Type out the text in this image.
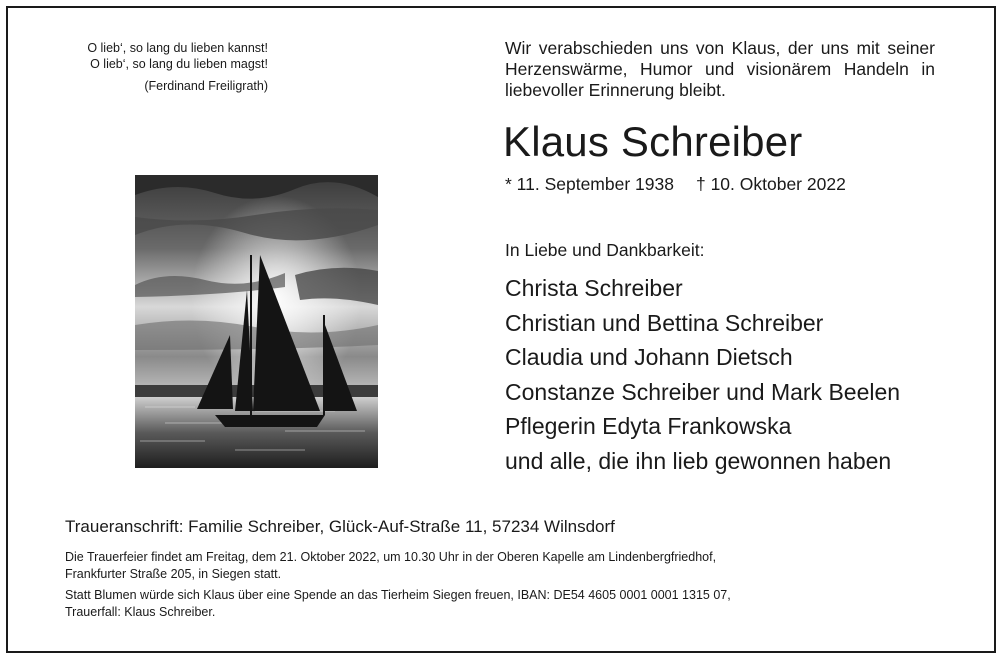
O lieb‘, so lang du lieben kannst!
O lieb‘, so lang du lieben magst!
(Ferdinand Freiligrath)
Wir verabschieden uns von Klaus, der uns mit seiner
Herzenswärme, Humor und visionärem Handeln in
liebevoller Erinnerung bleibt.
Klaus Schreiber
* 11. September 1938 † 10. Oktober 2022
In Liebe und Dankbarkeit:
Christa Schreiber
Christian und Bettina Schreiber
Claudia und Johann Dietsch
Constanze Schreiber und Mark Beelen
Pflegerin Edyta Frankowska
und alle, die ihn lieb gewonnen haben
Traueranschrift: Familie Schreiber, Glück-Auf-Straße 11, 57234 Wilnsdorf
Die Trauerfeier findet am Freitag, dem 21. Oktober 2022, um 10.30 Uhr in der Oberen Kapelle am Lindenbergfriedhof,
Frankfurter Straße 205, in Siegen statt.
Statt Blumen würde sich Klaus über eine Spende an das Tierheim Siegen freuen, IBAN: DE54 4605 0001 0001 1315 07,
Trauerfall: Klaus Schreiber.
